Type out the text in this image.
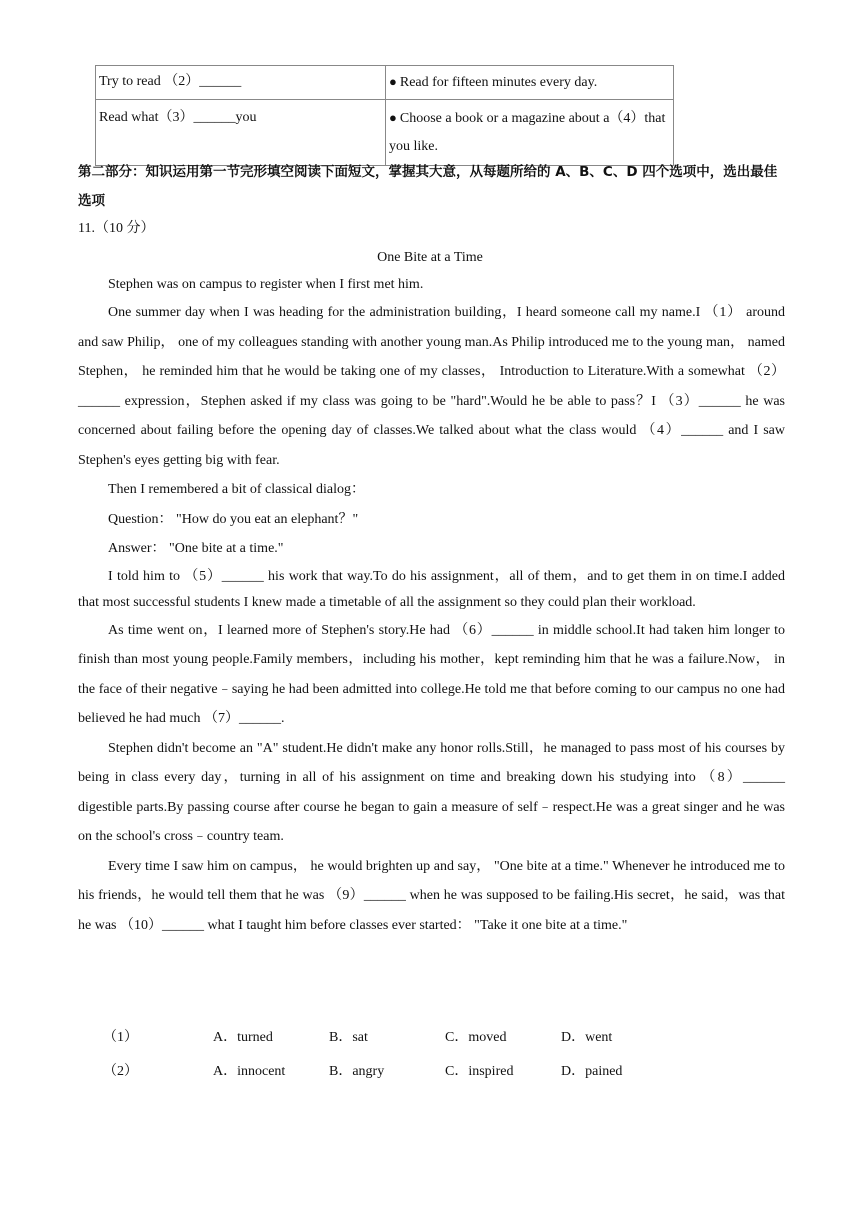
Try to read （2）______	● Read for fifteen minutes every day.
Read what（3）______you	● Choose a book or a magazine about a（4）that you like.
第二部分：知识运用第一节完形填空阅读下面短文，掌握其大意，从每题所给的 A、B、C、D 四个选项中，选出最佳选项
11.（10 分）
One Bite at a Time

Stephen was on campus to register when I first met him.

One summer day when I was heading for the administration building，I heard someone call my name.I （1） around and saw Philip， one of my colleagues standing with another young man.As Philip introduced me to the young man， named Stephen， he reminded him that he would be taking one of my classes， Introduction to Literature.With a somewhat （2）______ expression，Stephen asked if my class was going to be "hard".Would he be able to pass？I （3）______ he was concerned about failing before the opening day of classes.We talked about what the class would （4）______ and I saw Stephen's eyes getting big with fear.

Then I remembered a bit of classical dialog：

Question： "How do you eat an elephant？"

Answer： "One bite at a time."

I told him to （5）______ his work that way.To do his assignment，all of them，and to get them in on time.I added that most successful students I knew made a timetable of all the assignment so they could plan their workload.

As time went on，I learned more of Stephen's story.He had （6）______ in middle school.It had taken him longer to finish than most young people.Family members，including his mother，kept reminding him that he was a failure.Now， in the face of their negative﹣saying he had been admitted into college.He told me that before coming to our campus no one had believed he had much （7）______.

Stephen didn't become an "A" student.He didn't make any honor rolls.Still，he managed to pass most of his courses by being in class every day，turning in all of his assignment on time and breaking down his studying into （8）______ digestible parts.By passing course after course he began to gain a measure of self﹣respect.He was a great singer and he was on the school's cross﹣country team.

Every time I saw him on campus， he would brighten up and say， "One bite at a time." Whenever he introduced me to his friends，he would tell them that he was （9）______ when he was supposed to be failing.His secret，he said，was that he was （10）______ what I taught him before classes ever started： "Take it one bite at a time."

（1）	A．turned	B．sat	C．moved	D．went
（2）	A．innocent	B．angry	C．inspired	D．pained
